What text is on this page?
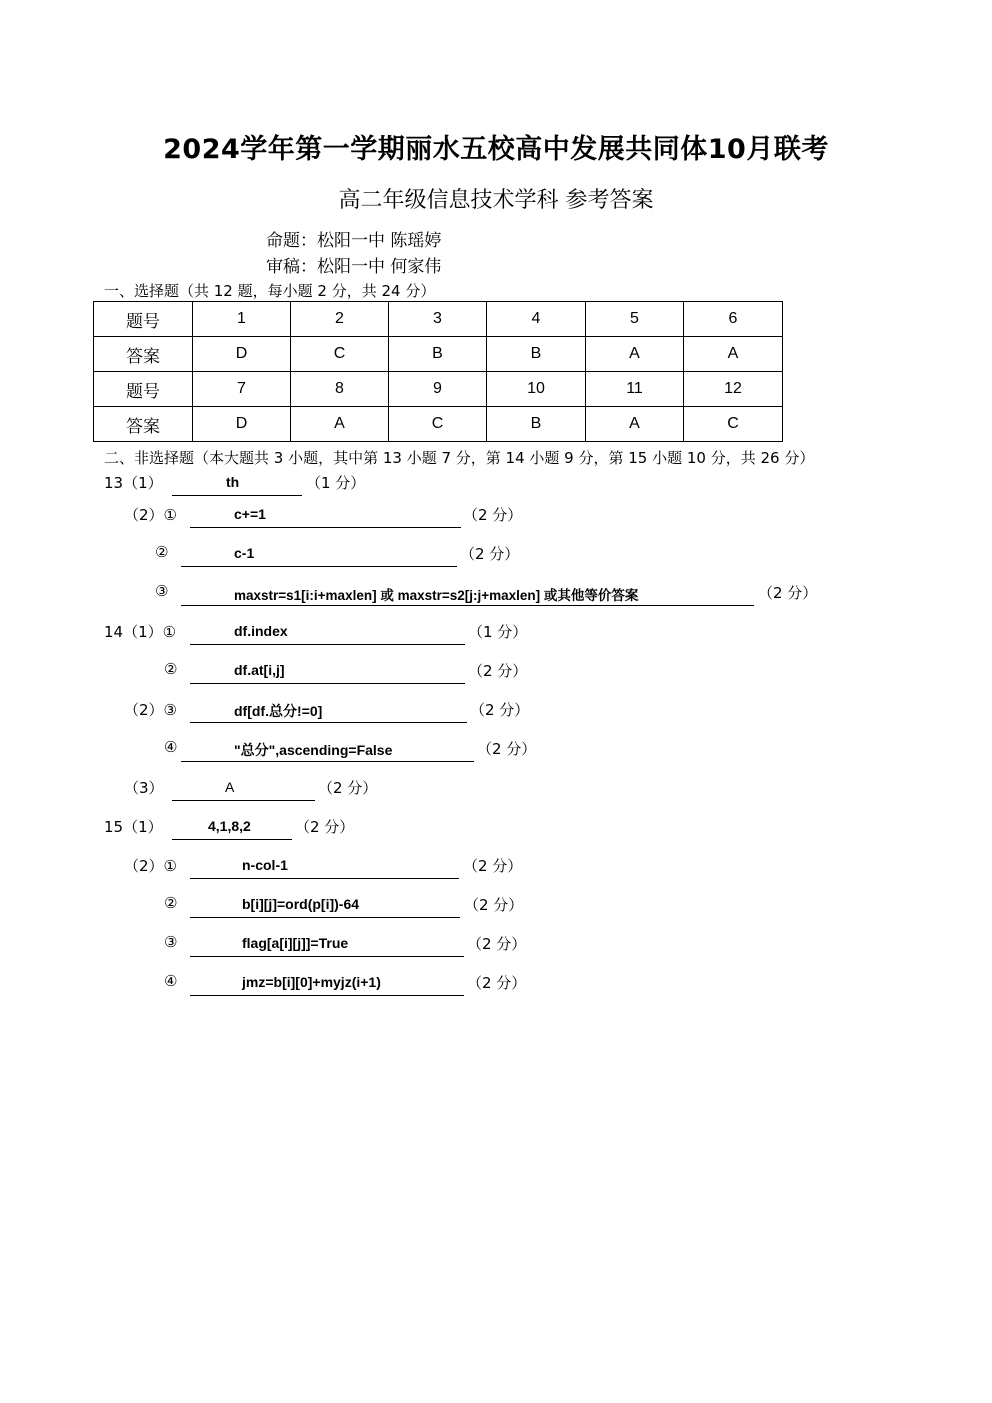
2024学年第一学期丽水五校高中发展共同体10月联考
高二年级信息技术学科 参考答案
命题：松阳一中 陈瑶婷
审稿：松阳一中 何家伟
一、选择题（共 12 题，每小题 2 分，共 24 分）
题号	1	2	3	4	5	6
答案	D	C	B	B	A	A
题号	7	8	9	10	11	12
答案	D	A	C	B	A	C
二、非选择题（本大题共 3 小题，其中第 13 小题 7 分，第 14 小题 9 分，第 15 小题 10 分，共 26 分）
13（1）	th	（1 分）
（2）①	c+=1	（2 分）
②	c-1	（2 分）
③	maxstr=s1[i:i+maxlen] 或 maxstr=s2[j:j+maxlen] 或其他等价答案	（2 分）
14（1）①	df.index	（1 分）
②	df.at[i,j]	（2 分）
（2）③	df[df.总分!=0]	（2 分）
④	"总分",ascending=False	（2 分）
（3）	A	（2 分）
15（1）	4,1,8,2	（2 分）
（2）①	n-col-1	（2 分）
②	b[i][j]=ord(p[i])-64	（2 分）
③	flag[a[i][j]]=True	（2 分）
④	jmz=b[i][0]+myjz(i+1)	（2 分）
